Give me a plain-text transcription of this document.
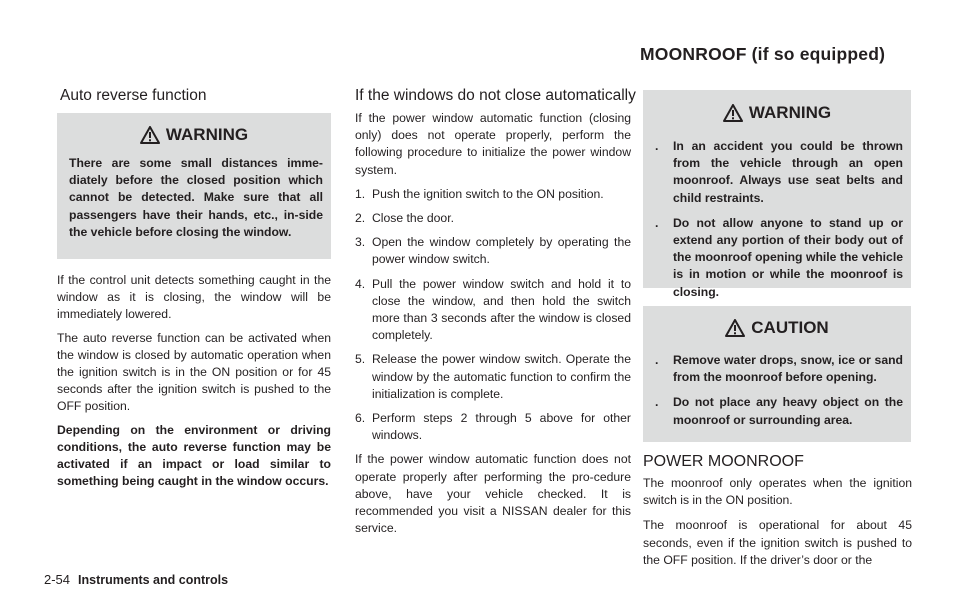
MOONROOF (if so equipped)
Auto reverse function
WARNING
There are some small distances imme-diately before the closed position which cannot be detected. Make sure that all passengers have their hands, etc., in-side the vehicle before closing the window.

If the control unit detects something caught in the window as it is closing, the window will be immediately lowered.

The auto reverse function can be activated when the window is closed by automatic operation when the ignition switch is in the ON position or for 45 seconds after the ignition switch is pushed to the OFF position.

Depending on the environment or driving conditions, the auto reverse function may be activated if an impact or load similar to something being caught in the window occurs.

If the windows do not close automatically

If the power window automatic function (closing only) does not operate properly, perform the following procedure to initialize the power window system.

1. Push the ignition switch to the ON position.
2. Close the door.
3. Open the window completely by operating the power window switch.
4. Pull the power window switch and hold it to close the window, and then hold the switch more than 3 seconds after the window is closed completely.
5. Release the power window switch. Operate the window by the automatic function to confirm the initialization is complete.
6. Perform steps 2 through 5 above for other windows.

If the power window automatic function does not operate properly after performing the pro-cedure above, have your vehicle checked. It is recommended you visit a NISSAN dealer for this service.

WARNING
. In an accident you could be thrown from the vehicle through an open moonroof. Always use seat belts and child restraints.
. Do not allow anyone to stand up or extend any portion of their body out of the moonroof opening while the vehicle is in motion or while the moonroof is closing.
CAUTION
. Remove water drops, snow, ice or sand from the moonroof before opening.
. Do not place any heavy object on the moonroof or surrounding area.
POWER MOONROOF

The moonroof only operates when the ignition switch is in the ON position.

The moonroof is operational for about 45 seconds, even if the ignition switch is pushed to the OFF position. If the driver’s door or the

2-54 Instruments and controls
